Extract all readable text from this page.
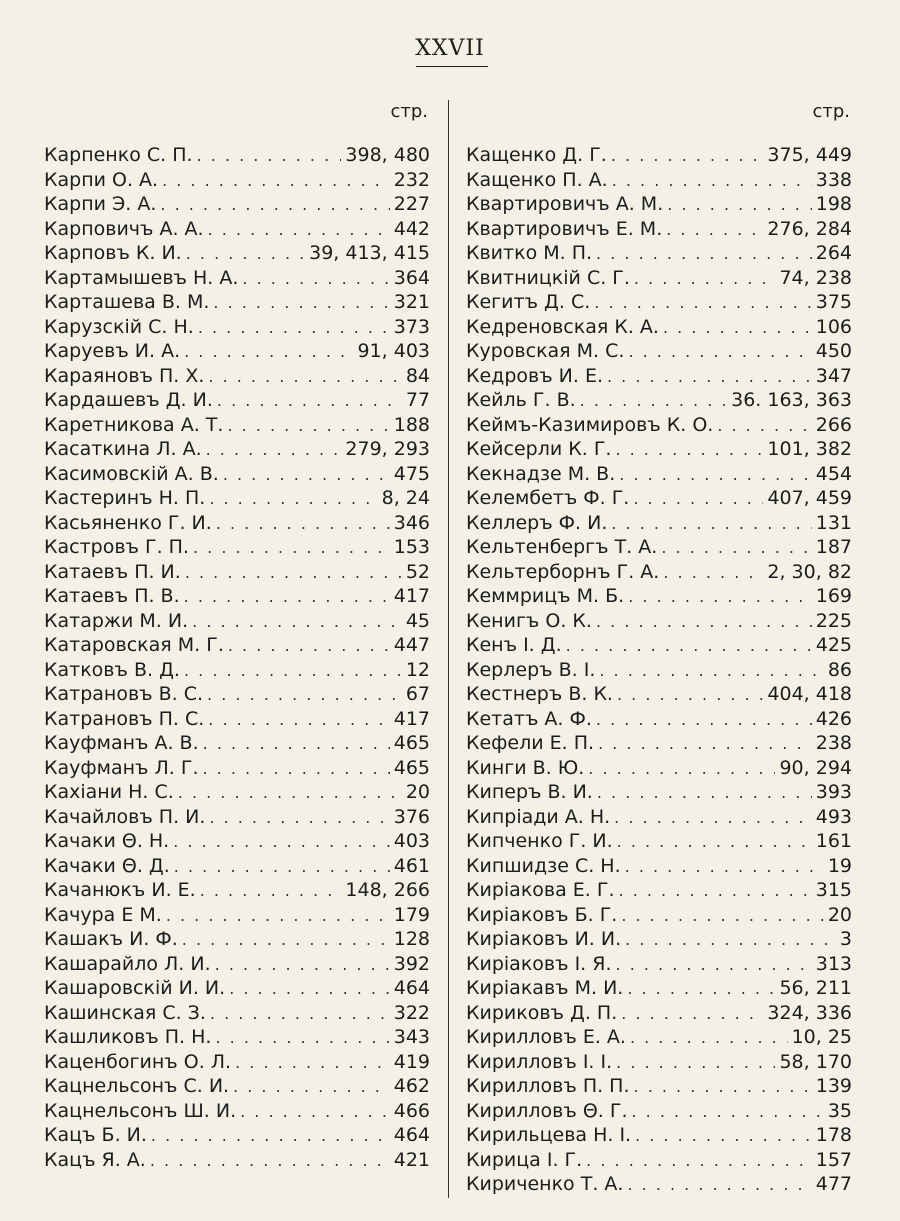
XXVII
стр.
Карпенко С. П. . . .	398, 480
Карпи О. А. . . .	232
Карпи Э. А. . . .	227
Карповичъ А. А. . . .	442
Карповъ К. И. . . .	39, 413, 415
Картамышевъ Н. А. . . .	364
Карташева В. М. . . .	321
Карузскій С. Н. . . .	373
Каруевъ И. А. . . .	91, 403
Караяновъ П. Х. . . .	84
Кардашевъ Д. И. . . .	77
Каретникова А. Т. . . .	188
Касаткина Л. А. . . .	279, 293
Касимовскій А. В. . . .	475
Кастеринъ Н. П. . . .	8, 24
Касьяненко Г. И. . . .	346
Кастровъ Г. П. . . .	153
Катаевъ П. И. . . .	52
Катаевъ П. В. . . .	417
Катаржи М. И. . . .	45
Катаровская М. Г. . . .	447
Катковъ В. Д. . . .	12
Катрановъ В. С. . . .	67
Катрановъ П. С. . . .	417
Кауфманъ А. В. . . .	465
Кауфманъ Л. Г. . . .	465
Кахіани Н. С. . . .	20
Качайловъ П. И. . . .	376
Качаки Θ. Н. . . .	403
Качаки Θ. Д. . . .	461
Качанюкъ И. Е. . . .	148, 266
Качура Е М. . . .	179
Кашакъ И. Ф. . . .	128
Кашарайло Л. И. . . .	392
Кашаровскій И. И. . . .	464
Кашинская С. З. . . .	322
Кашликовъ П. Н. . . .	343
Каценбогинъ О. Л. . . .	419
Кацнельсонъ С. И. . . .	462
Кацнельсонъ Ш. И. . . .	466
Кацъ Б. И. . . .	464
Кацъ Я. А. . . .	421
стр.
Кащенко Д. Г. . . .	375, 449
Кащенко П. А. . . .	338
Квартировичъ А. М. . . .	198
Квартировичъ Е. М. . . .	276, 284
Квитко М. П. . . .	264
Квитницкій С. Г. . . .	74, 238
Кегитъ Д. С. . . .	375
Кедреновская К. А. . . .	106
Куровская М. С. . . .	450
Кедровъ И. Е. . . .	347
Кейль Г. В. . . .	36. 163, 363
Кеймъ-Казимировъ К. О. . . .	266
Кейсерли К. Г. . . .	101, 382
Кекнадзе М. В. . . .	454
Келембетъ Ф. Г. . . .	407, 459
Келлеръ Ф. И. . . .	131
Кельтенбергъ Т. А. . . .	187
Кельтерборнъ Г. А. . . .	2, 30, 82
Кеммрицъ М. Б. . . .	169
Кенигъ О. К. . . .	225
Кенъ І. Д. . . .	425
Керлеръ В. І. . . .	86
Кестнеръ В. К. . . .	404, 418
Кетатъ А. Ф. . . .	426
Кефели Е. П. . . .	238
Кинги В. Ю. . . .	90, 294
Киперъ В. И. . . .	393
Кипріади А. Н. . . .	493
Кипченко Г. И. . . .	161
Кипшидзе С. Н. . . .	19
Киріакова Е. Г. . . .	315
Киріаковъ Б. Г. . . .	20
Киріаковъ И. И. . . .	3
Киріаковъ І. Я. . . .	313
Киріакавъ М. И. . . .	56, 211
Кириковъ Д. П. . . .	324, 336
Кирилловъ Е. А. . . .	10, 25
Кирилловъ І. І. . . .	58, 170
Кирилловъ П. П. . . .	139
Кирилловъ Θ. Г. . . .	35
Кирильцева Н. І. . . .	178
Кирица І. Г. . . .	157
Кириченко Т. А. . . .	477
